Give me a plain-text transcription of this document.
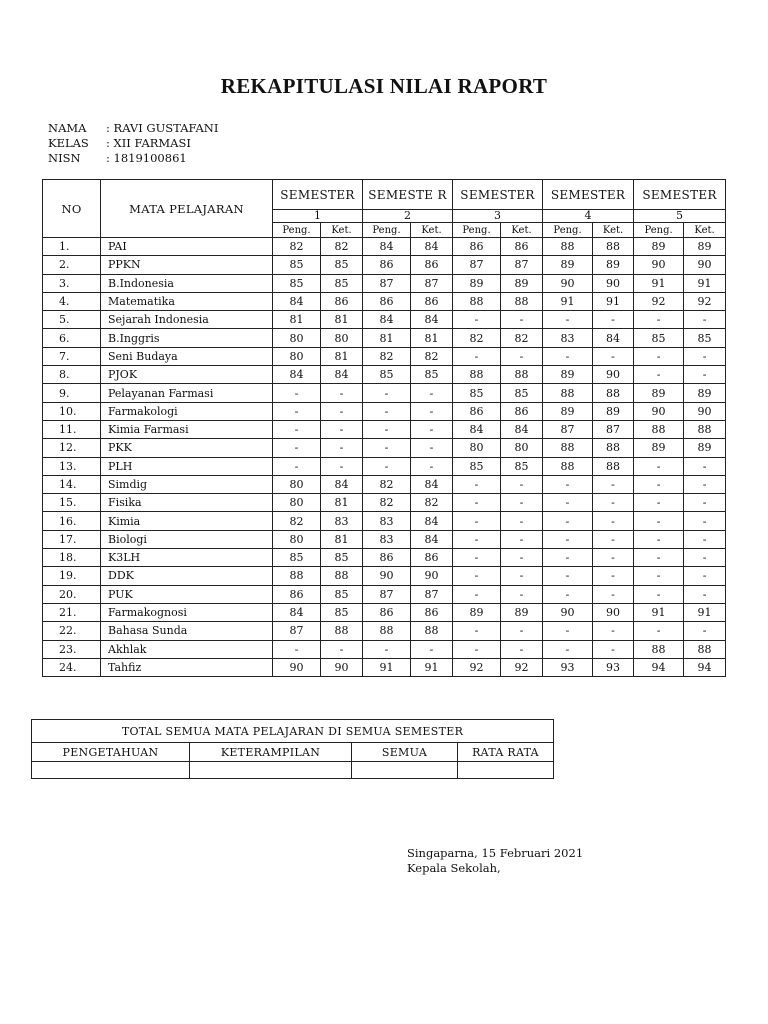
REKAPITULASI NILAI RAPORT
NAMA : RAVI GUSTAFANI
KELAS : XII FARMASI
NISN : 1819100861
NO	MATA PELAJARAN	SEMESTER		SEMESTE R		SEMESTER		SEMESTER		SEMESTER	
		1		2		3		4		5	
		Peng.	Ket.	Peng.	Ket.	Peng.	Ket.	Peng.	Ket.	Peng.	Ket.
1.	PAI	82	82	84	84	86	86	88	88	89	89
2.	PPKN	85	85	86	86	87	87	89	89	90	90
3.	B.Indonesia	85	85	87	87	89	89	90	90	91	91
4.	Matematika	84	86	86	86	88	88	91	91	92	92
5.	Sejarah Indonesia	81	81	84	84	-	-	-	-	-	-
6.	B.Inggris	80	80	81	81	82	82	83	84	85	85
7.	Seni Budaya	80	81	82	82	-	-	-	-	-	-
8.	PJOK	84	84	85	85	88	88	89	90	-	-
9.	Pelayanan Farmasi	-	-	-	-	85	85	88	88	89	89
10.	Farmakologi	-	-	-	-	86	86	89	89	90	90
11.	Kimia Farmasi	-	-	-	-	84	84	87	87	88	88
12.	PKK	-	-	-	-	80	80	88	88	89	89
13.	PLH	-	-	-	-	85	85	88	88	-	-
14.	Simdig	80	84	82	84	-	-	-	-	-	-
15.	Fisika	80	81	82	82	-	-	-	-	-	-
16.	Kimia	82	83	83	84	-	-	-	-	-	-
17.	Biologi	80	81	83	84	-	-	-	-	-	-
18.	K3LH	85	85	86	86	-	-	-	-	-	-
19.	DDK	88	88	90	90	-	-	-	-	-	-
20.	PUK	86	85	87	87	-	-	-	-	-	-
21.	Farmakognosi	84	85	86	86	89	89	90	90	91	91
22.	Bahasa Sunda	87	88	88	88	-	-	-	-	-	-
23.	Akhlak	-	-	-	-	-	-	-	-	88	88
24.	Tahfiz	90	90	91	91	92	92	93	93	94	94
TOTAL SEMUA MATA PELAJARAN DI SEMUA SEMESTER			
PENGETAHUAN	KETERAMPILAN	SEMUA	RATA RATA

Singaparna, 15 Februari 2021
Kepala Sekolah,
